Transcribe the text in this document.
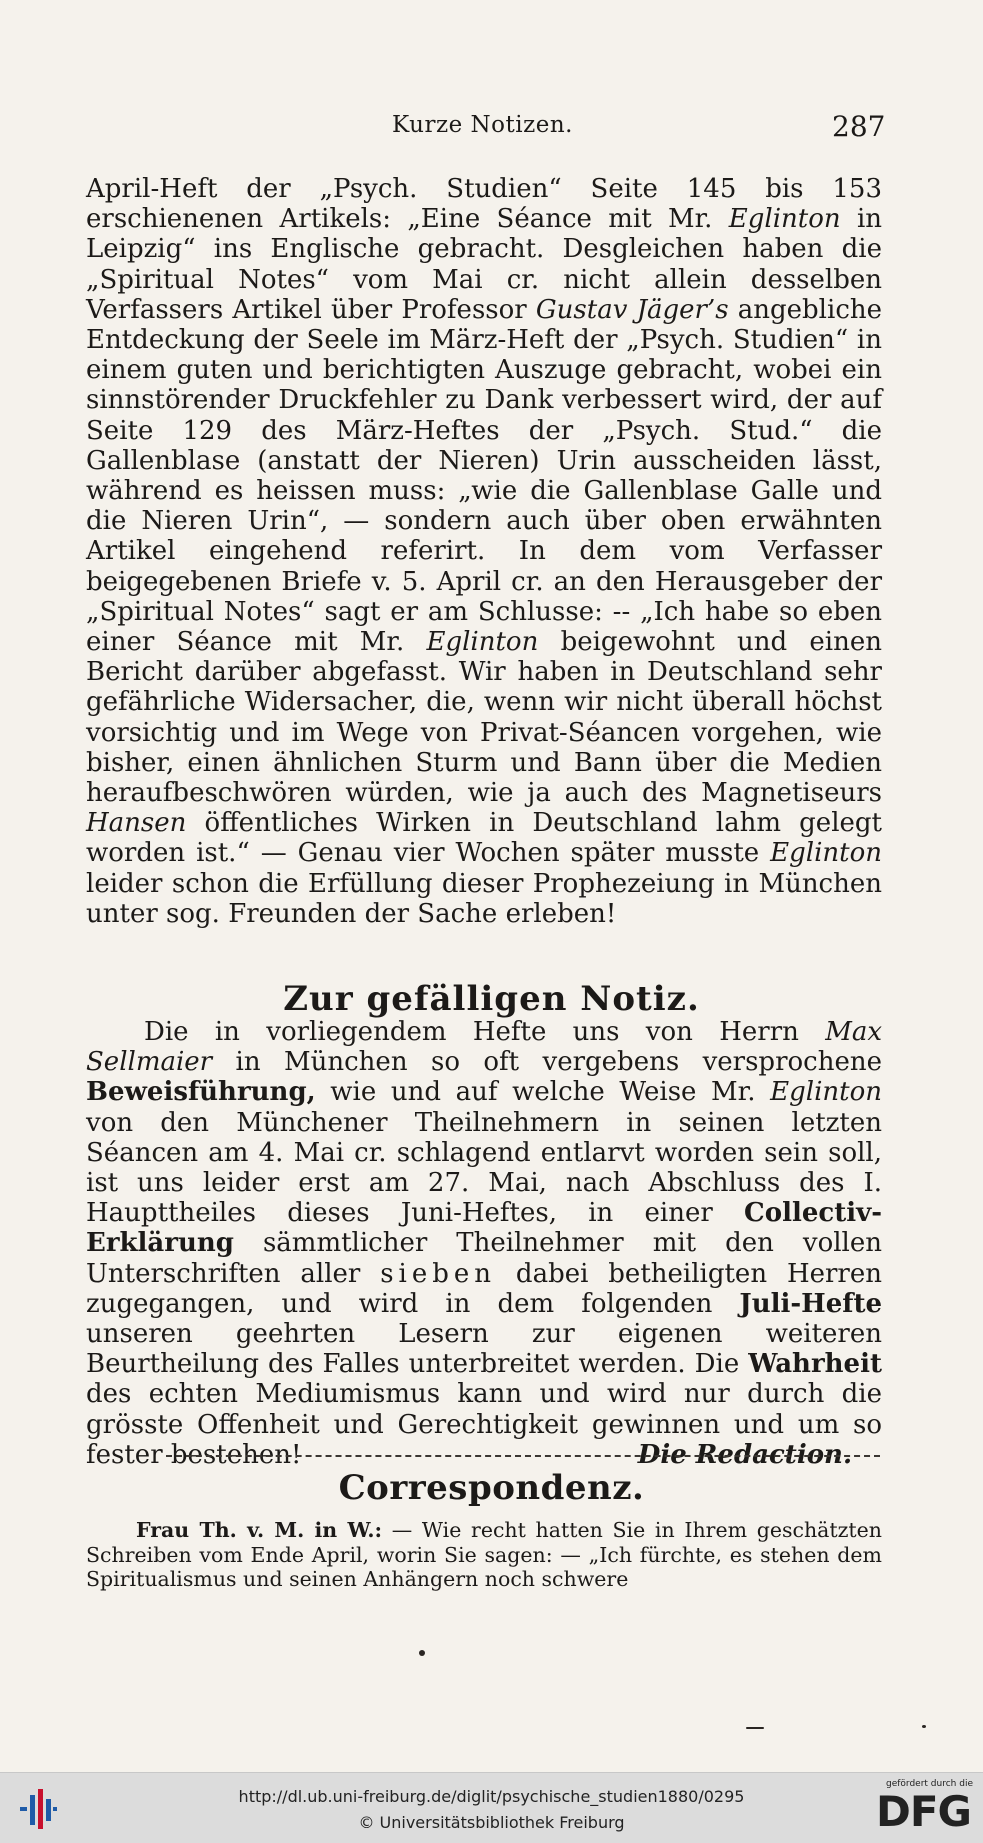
Kurze Notizen.	287
April-Heft der „Psych. Studien“ Seite 145 bis 153 erschienenen Artikels: „Eine Séance mit Mr. Eglinton in Leipzig“ ins Englische gebracht. Desgleichen haben die „Spiritual Notes“ vom Mai cr. nicht allein desselben Verfassers Artikel über Professor Gustav Jäger’s angebliche Entdeckung der Seele im März-Heft der „Psych. Studien“ in einem guten und berichtigten Auszuge gebracht, wobei ein sinnstörender Druckfehler zu Dank verbessert wird, der auf Seite 129 des März-Heftes der „Psych. Stud.“ die Gallenblase (anstatt der Nieren) Urin ausscheiden lässt, während es heissen muss: „wie die Gallenblase Galle und die Nieren Urin“, — sondern auch über oben erwähnten Artikel eingehend referirt. In dem vom Verfasser beigegebenen Briefe v. 5. April cr. an den Herausgeber der „Spiritual Notes“ sagt er am Schlusse: -- „Ich habe so eben einer Séance mit Mr. Eglinton beigewohnt und einen Bericht darüber abgefasst. Wir haben in Deutschland sehr gefährliche Widersacher, die, wenn wir nicht überall höchst vorsichtig und im Wege von Privat-Séancen vorgehen, wie bisher, einen ähnlichen Sturm und Bann über die Medien heraufbeschwören würden, wie ja auch des Magnetiseurs Hansen öffentliches Wirken in Deutschland lahm gelegt worden ist.“ — Genau vier Wochen später musste Eglinton leider schon die Erfüllung dieser Prophezeiung in München unter sog. Freunden der Sache erleben!
Zur gefälligen Notiz.
Die in vorliegendem Hefte uns von Herrn Max Sellmaier in München so oft vergebens versprochene Beweisführung, wie und auf welche Weise Mr. Eglinton von den Münchener Theilnehmern in seinen letzten Séancen am 4. Mai cr. schlagend entlarvt worden sein soll, ist uns leider erst am 27. Mai, nach Abschluss des I. Haupttheiles dieses Juni-Heftes, in einer Collectiv-Erklärung sämmtlicher Theilnehmer mit den vollen Unterschriften aller sieben dabei betheiligten Herren zugegangen, und wird in dem folgenden Juli-Hefte unseren geehrten Lesern zur eigenen weiteren Beurtheilung des Falles unterbreitet werden. Die Wahrheit des echten Mediumismus kann und wird nur durch die grösste Offenheit und Gerechtigkeit gewinnen und um so fester bestehen!	Die Redaction.
Correspondenz.
Frau Th. v. M. in W.: — Wie recht hatten Sie in Ihrem geschätzten Schreiben vom Ende April, worin Sie sagen: — „Ich fürchte, es stehen dem Spiritualismus und seinen Anhängern noch schwere
http://dl.ub.uni-freiburg.de/diglit/psychische_studien1880/0295
© Universitätsbibliothek Freiburg
gefördert durch die
DFG
